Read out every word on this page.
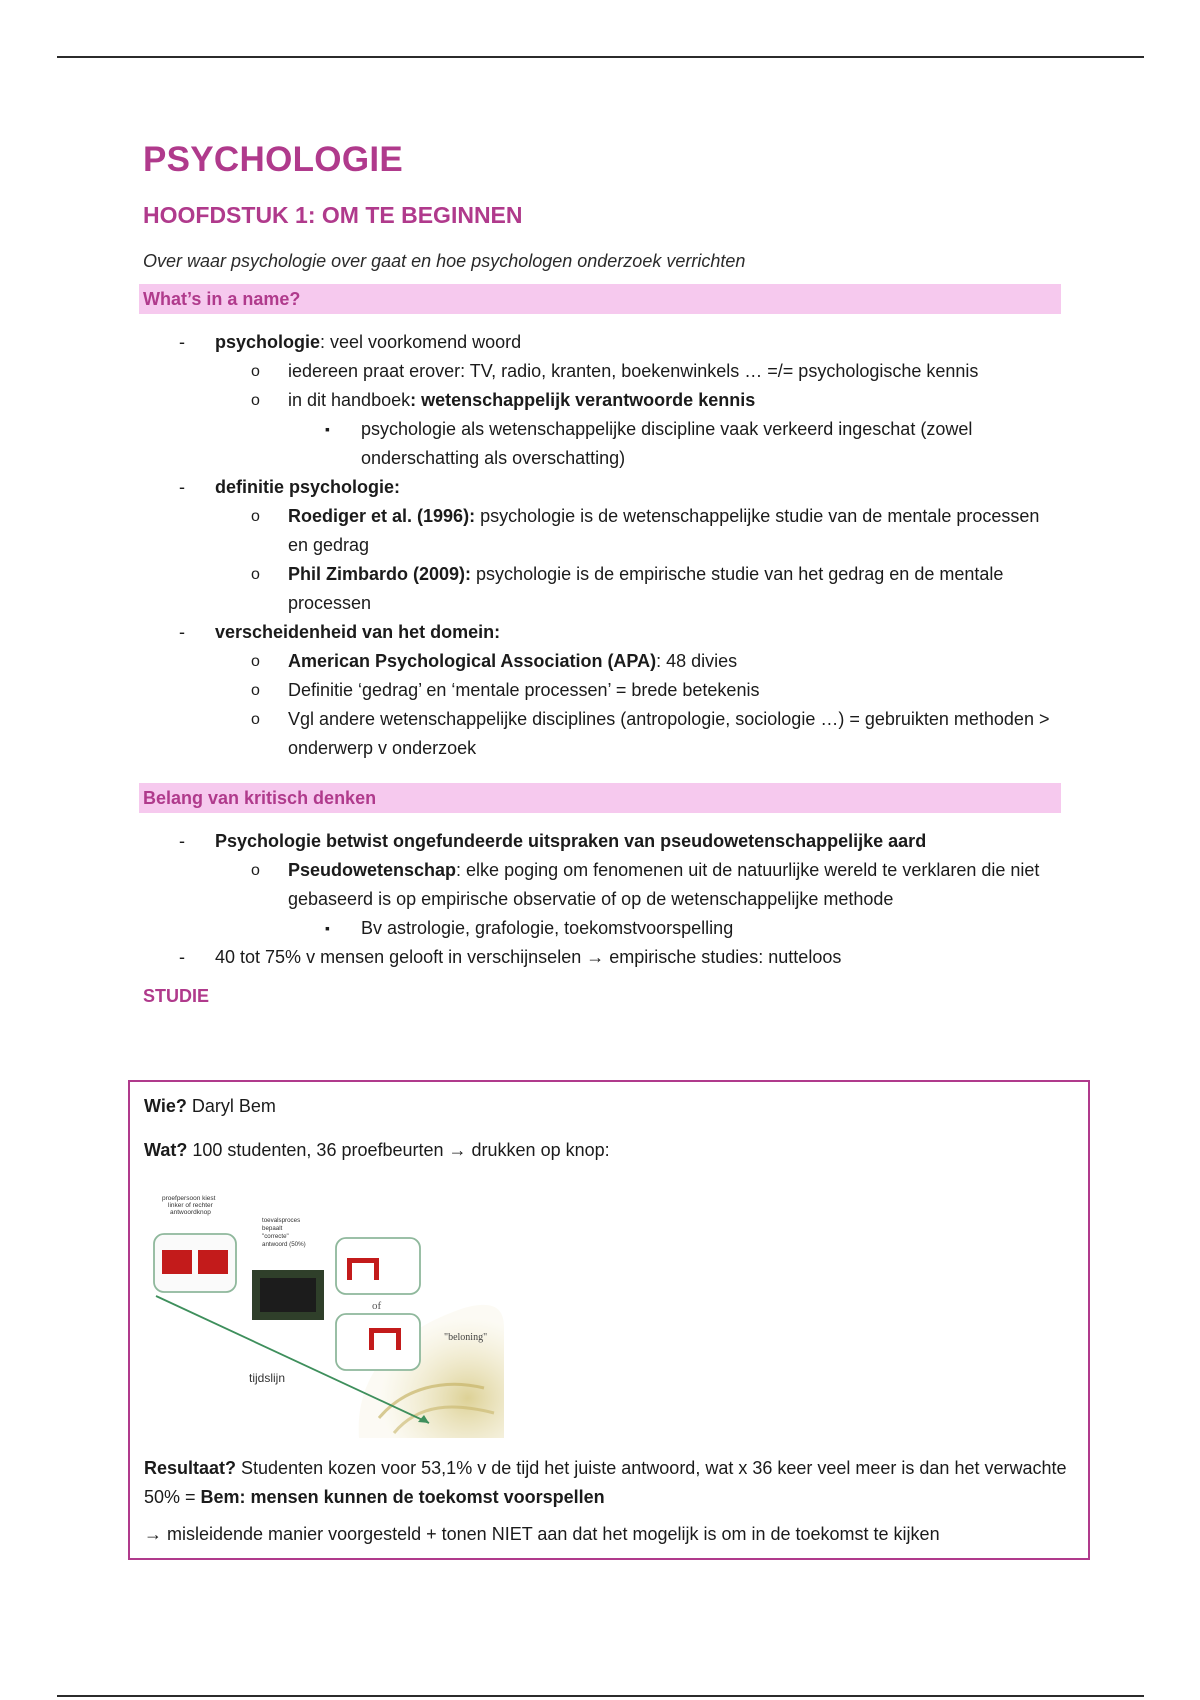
PSYCHOLOGIE
HOOFDSTUK 1: OM TE BEGINNEN
Over waar psychologie over gaat en hoe psychologen onderzoek verrichten
What’s in a name?
- psychologie: veel voorkomend woord
o iedereen praat erover: TV, radio, kranten, boekenwinkels … =/= psychologische kennis
o in dit handboek: wetenschappelijk verantwoorde kennis
▪ psychologie als wetenschappelijke discipline vaak verkeerd ingeschat (zowel onderschatting als overschatting)
- definitie psychologie:
o Roediger et al. (1996): psychologie is de wetenschappelijke studie van de mentale processen en gedrag
o Phil Zimbardo (2009): psychologie is de empirische studie van het gedrag en de mentale processen
- verscheidenheid van het domein:
o American Psychological Association (APA): 48 divies
o Definitie ‘gedrag’ en ‘mentale processen’ = brede betekenis
o Vgl andere wetenschappelijke disciplines (antropologie, sociologie …) = gebruikten methoden > onderwerp v onderzoek
Belang van kritisch denken
- Psychologie betwist ongefundeerde uitspraken van pseudowetenschappelijke aard
o Pseudowetenschap: elke poging om fenomenen uit de natuurlijke wereld te verklaren die niet gebaseerd is op empirische observatie of op de wetenschappelijke methode
▪ Bv astrologie, grafologie, toekomstvoorspelling
- 40 tot 75% v mensen gelooft in verschijnselen → empirische studies: nutteloos
STUDIE
Wie? Daryl Bem
Wat? 100 studenten, 36 proefbeurten → drukken op knop:
proefpersoon kiest linker of rechter antwoordknop
toevalsproces bepaalt "correcte" antwoord (50%)
of
"beloning"
tijdslijn
Resultaat? Studenten kozen voor 53,1% v de tijd het juiste antwoord, wat x 36 keer veel meer is dan het verwachte 50% = Bem: mensen kunnen de toekomst voorspellen
→ misleidende manier voorgesteld + tonen NIET aan dat het mogelijk is om in de toekomst te kijken
